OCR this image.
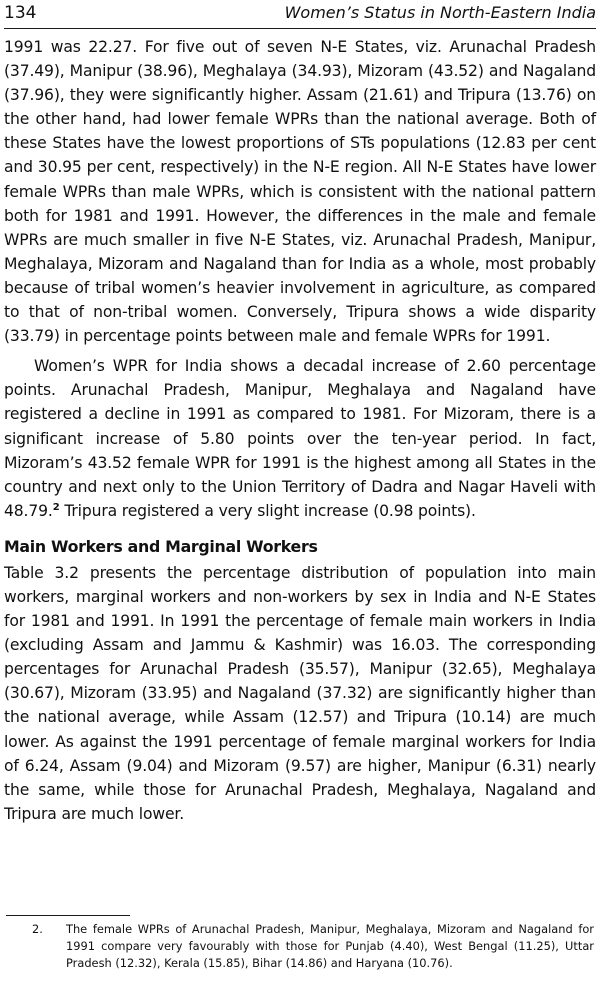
134	Women’s Status in North-Eastern India

1991 was 22.27. For five out of seven N-E States, viz. Arunachal Pradesh (37.49), Manipur (38.96), Meghalaya (34.93), Mizoram (43.52) and Nagaland (37.96), they were significantly higher. Assam (21.61) and Tripura (13.76) on the other hand, had lower female WPRs than the national average. Both of these States have the lowest proportions of STs populations (12.83 per cent and 30.95 per cent, respectively) in the N-E region. All N-E States have lower female WPRs than male WPRs, which is consistent with the national pattern both for 1981 and 1991. However, the differences in the male and female WPRs are much smaller in five N-E States, viz. Arunachal Pradesh, Manipur, Meghalaya, Mizoram and Nagaland than for India as a whole, most probably because of tribal women’s heavier involvement in agriculture, as compared to that of non-tribal women. Conversely, Tripura shows a wide disparity (33.79) in percentage points between male and female WPRs for 1991.

Women’s WPR for India shows a decadal increase of 2.60 percentage points. Arunachal Pradesh, Manipur, Meghalaya and Nagaland have registered a decline in 1991 as compared to 1981. For Mizoram, there is a significant increase of 5.80 points over the ten-year period. In fact, Mizoram’s 43.52 female WPR for 1991 is the highest among all States in the country and next only to the Union Territory of Dadra and Nagar Haveli with 48.79.$^2$ Tripura registered a very slight increase (0.98 points).

Main Workers and Marginal Workers

Table 3.2 presents the percentage distribution of population into main workers, marginal workers and non-workers by sex in India and N-E States for 1981 and 1991. In 1991 the percentage of female main workers in India (excluding Assam and Jammu & Kashmir) was 16.03. The corresponding percentages for Arunachal Pradesh (35.57), Manipur (32.65), Meghalaya (30.67), Mizoram (33.95) and Nagaland (37.32) are significantly higher than the national average, while Assam (12.57) and Tripura (10.14) are much lower. As against the 1991 percentage of female marginal workers for India of 6.24, Assam (9.04) and Mizoram (9.57) are higher, Manipur (6.31) nearly the same, while those for Arunachal Pradesh, Meghalaya, Nagaland and Tripura are much lower.

2.	The female WPRs of Arunachal Pradesh, Manipur, Meghalaya, Mizoram and Nagaland for 1991 compare very favourably with those for Punjab (4.40), West Bengal (11.25), Uttar Pradesh (12.32), Kerala (15.85), Bihar (14.86) and Haryana (10.76).
